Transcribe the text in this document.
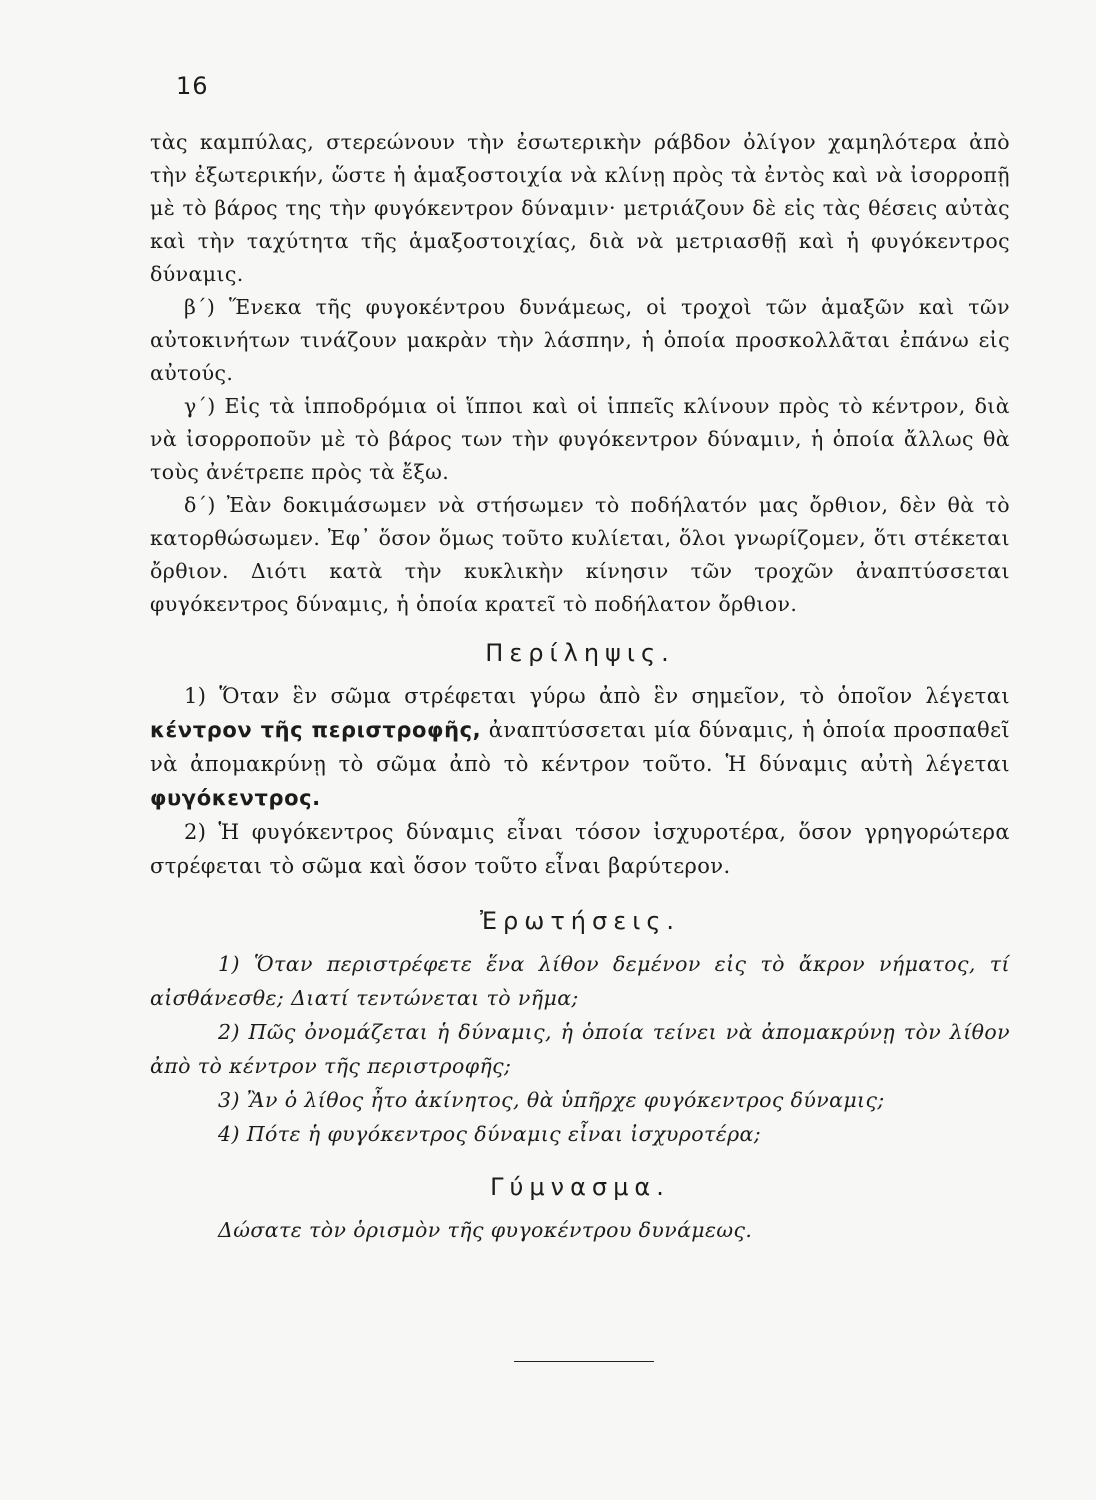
16

τὰς καμπύλας, στερεώνουν τὴν ἐσωτερικὴν ράβδον ὀλίγον χαμηλότερα ἀπὸ τὴν ἐξωτερικήν, ὥστε ἡ ἁμαξοστοιχία νὰ κλίνῃ πρὸς τὰ ἐντὸς καὶ νὰ ἰσορροπῇ μὲ τὸ βάρος της τὴν φυγόκεντρον δύναμιν· μετριάζουν δὲ εἰς τὰς θέσεις αὐτὰς καὶ τὴν ταχύτητα τῆς ἁμαξοστοιχίας, διὰ νὰ μετριασθῇ καὶ ἡ φυγόκεντρος δύναμις.

β΄) Ἕνεκα τῆς φυγοκέντρου δυνάμεως, οἱ τροχοὶ τῶν ἁμαξῶν καὶ τῶν αὐτοκινήτων τινάζουν μακρὰν τὴν λάσπην, ἡ ὁποία προσκολλᾶται ἐπάνω εἰς αὐτούς.

γ΄) Εἰς τὰ ἱπποδρόμια οἱ ἵπποι καὶ οἱ ἱππεῖς κλίνουν πρὸς τὸ κέντρον, διὰ νὰ ἰσορροποῦν μὲ τὸ βάρος των τὴν φυγόκεντρον δύναμιν, ἡ ὁποία ἄλλως θὰ τοὺς ἀνέτρεπε πρὸς τὰ ἔξω.

δ΄) Ἐὰν δοκιμάσωμεν νὰ στήσωμεν τὸ ποδήλατόν μας ὄρθιον, δὲν θὰ τὸ κατορθώσωμεν. Ἐφ᾽ ὅσον ὅμως τοῦτο κυλίεται, ὅλοι γνωρίζομεν, ὅτι στέκεται ὄρθιον. Διότι κατὰ τὴν κυκλικὴν κίνησιν τῶν τροχῶν ἀναπτύσσεται φυγόκεντρος δύναμις, ἡ ὁποία κρατεῖ τὸ ποδήλατον ὄρθιον.

Περίληψις.

1) Ὅταν ἓν σῶμα στρέφεται γύρω ἀπὸ ἓν σημεῖον, τὸ ὁποῖον λέγεται κέντρον τῆς περιστροφῆς, ἀναπτύσσεται μία δύναμις, ἡ ὁποία προσπαθεῖ νὰ ἀπομακρύνῃ τὸ σῶμα ἀπὸ τὸ κέντρον τοῦτο. Ἡ δύναμις αὐτὴ λέγεται φυγόκεντρος.

2) Ἡ φυγόκεντρος δύναμις εἶναι τόσον ἰσχυροτέρα, ὅσον γρηγορώτερα στρέφεται τὸ σῶμα καὶ ὅσον τοῦτο εἶναι βαρύτερον.

Ἐρωτήσεις.

1) Ὅταν περιστρέφετε ἕνα λίθον δεμένον εἰς τὸ ἄκρον νήματος, τί αἰσθάνεσθε; Διατί τεντώνεται τὸ νῆμα;

2) Πῶς ὀνομάζεται ἡ δύναμις, ἡ ὁποία τείνει νὰ ἀπομακρύνῃ τὸν λίθον ἀπὸ τὸ κέντρον τῆς περιστροφῆς;

3) Ἂν ὁ λίθος ἦτο ἀκίνητος, θὰ ὑπῆρχε φυγόκεντρος δύναμις;

4) Πότε ἡ φυγόκεντρος δύναμις εἶναι ἰσχυροτέρα;

Γύμνασμα.

Δώσατε τὸν ὁρισμὸν τῆς φυγοκέντρου δυνάμεως.
